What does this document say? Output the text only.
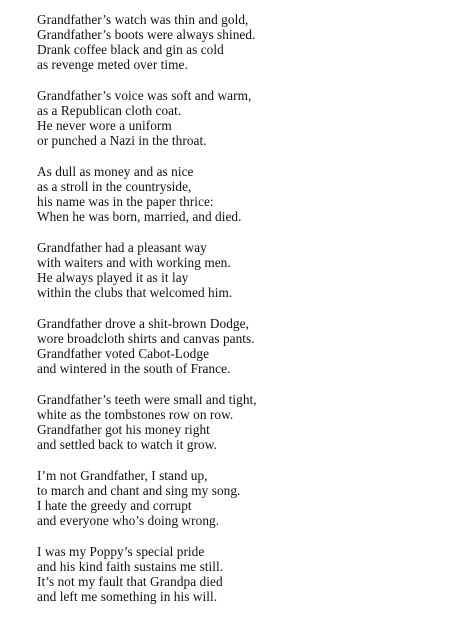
Grandfather’s watch was thin and gold,
Grandfather’s boots were always shined.
Drank coffee black and gin as cold
as revenge meted over time.
Grandfather’s voice was soft and warm,
as a Republican cloth coat.
He never wore a uniform
or punched a Nazi in the throat.
As dull as money and as nice
as a stroll in the countryside,
his name was in the paper thrice:
When he was born, married, and died.
Grandfather had a pleasant way
with waiters and with working men.
He always played it as it lay
within the clubs that welcomed him.
Grandfather drove a shit-brown Dodge,
wore broadcloth shirts and canvas pants.
Grandfather voted Cabot-Lodge
and wintered in the south of France.
Grandfather’s teeth were small and tight,
white as the tombstones row on row.
Grandfather got his money right
and settled back to watch it grow.
I’m not Grandfather, I stand up,
to march and chant and sing my song.
I hate the greedy and corrupt
and everyone who’s doing wrong.
I was my Poppy’s special pride
and his kind faith sustains me still.
It’s not my fault that Grandpa died
and left me something in his will.
